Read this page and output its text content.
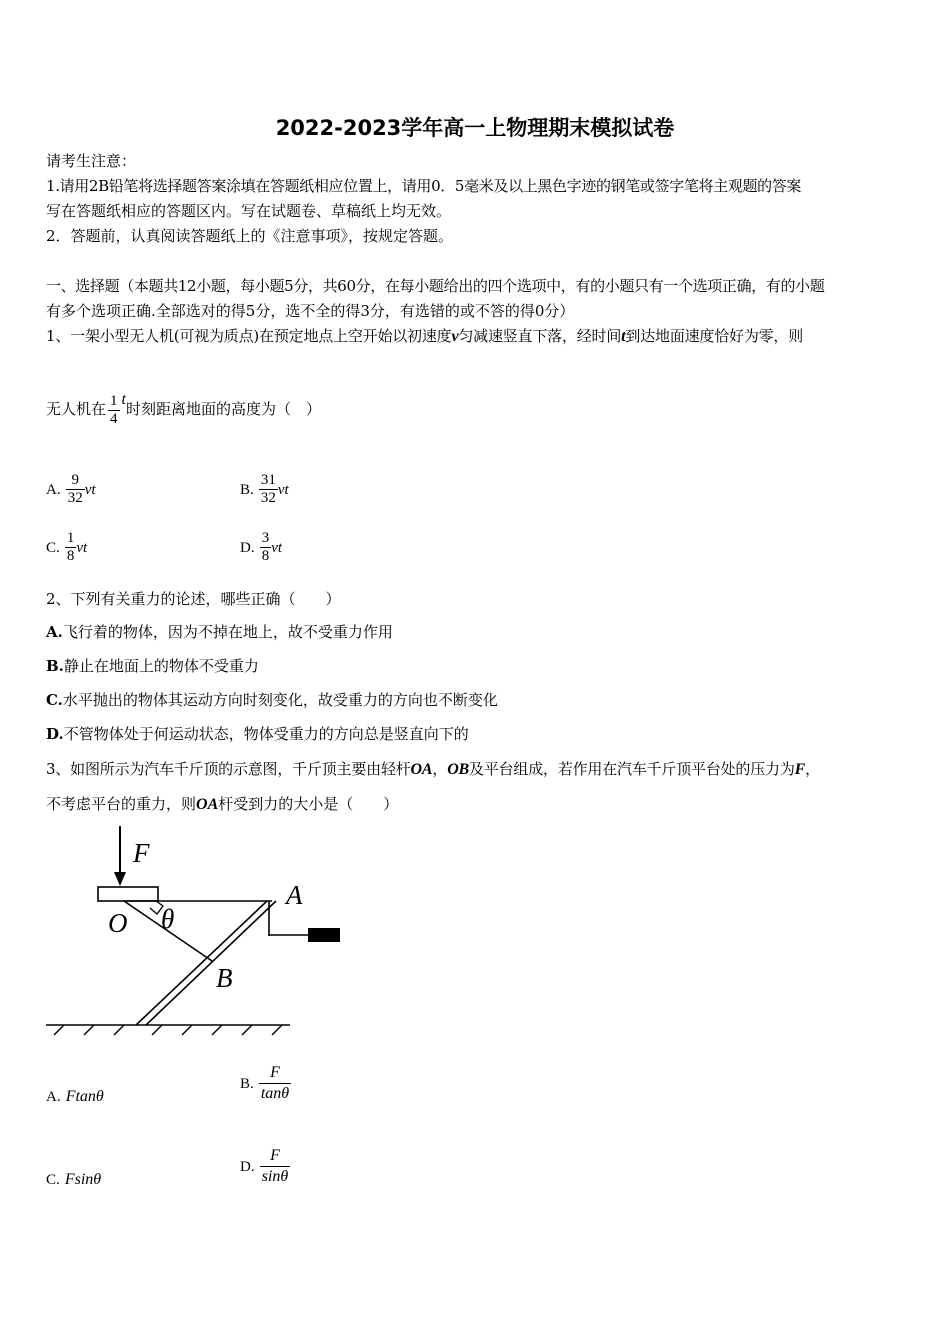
2022-2023学年高一上物理期末模拟试卷
请考生注意：
1.请用2B铅笔将选择题答案涂填在答题纸相应位置上，请用0．5毫米及以上黑色字迹的钢笔或签字笔将主观题的答案
写在答题纸相应的答题区内。写在试题卷、草稿纸上均无效。
2．答题前，认真阅读答题纸上的《注意事项》，按规定答题。
一、选择题（本题共12小题，每小题5分，共60分，在每小题给出的四个选项中，有的小题只有一个选项正确，有的小题
有多个选项正确.全部选对的得5分，选不全的得3分，有选错的或不答的得0分）
1、一架小型无人机(可视为质点)在预定地点上空开始以初速度v匀减速竖直下落，经时间t到达地面速度恰好为零，则
无人机在 $\frac{1}{4}$ t时刻距离地面的高度为（　）
A. $\frac{9}{32}$ vt	B. $\frac{31}{32}$ vt
C. $\frac{1}{8}$ vt	D. $\frac{3}{8}$ vt
2、下列有关重力的论述，哪些正确（　　）
A.飞行着的物体，因为不掉在地上，故不受重力作用
B.静止在地面上的物体不受重力
C.水平抛出的物体其运动方向时刻变化，故受重力的方向也不断变化
D.不管物体处于何运动状态，物体受重力的方向总是竖直向下的
3、如图所示为汽车千斤顶的示意图，千斤顶主要由轻杆OA，OB及平台组成，若作用在汽车千斤顶平台处的压力为F，
不考虑平台的重力，则OA杆受到力的大小是（　　）
F
O θ
A
B
A. Ftanθ
B. $\frac{F}{\tan\theta}$
C. Fsinθ
D. $\frac{F}{\sin\theta}$
